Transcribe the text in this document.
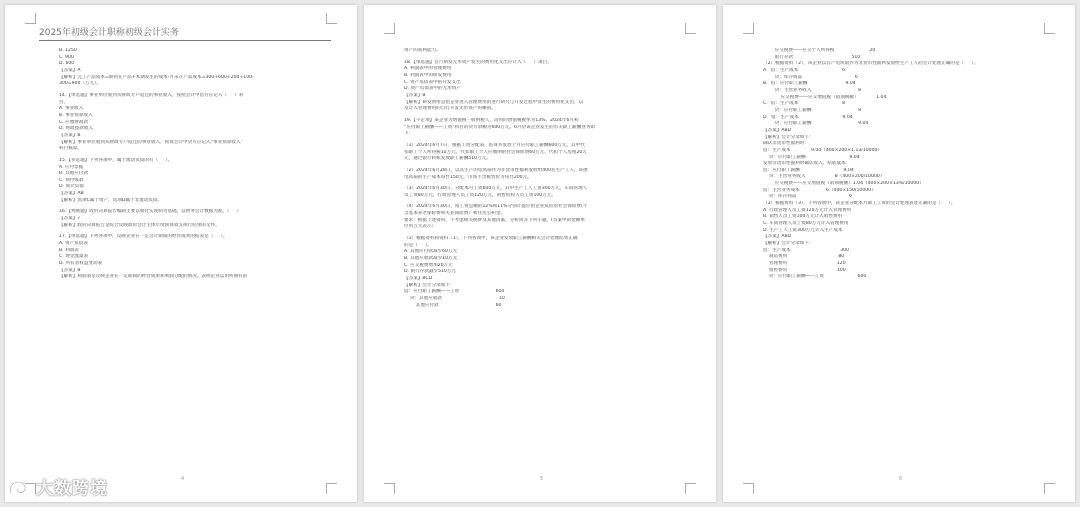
2025年初级会计职称初级会计实务
B. 1250
C. 900
D. 600
【答案】A
【解析】完工产品成本=期初在产品+本期发生的成本-月末在产品成本=300+600+200+100-
300=900（万元）。
14.【单选题】事业单位收到从财政专户返还的事业收入，按照会计中借方应记入（     ）科
目。
A. 事业收入
B. 事业预算收入
C. 应缴财政款
D. 财政拨款收入
【答案】B
【解析】事业单位收到从财政专户返还的事业收入，预算会计中贷方应记入“事业预算收入”
科目核算。
15.【多选题】下列各项中，属于流动负债的有（     ）。
A. 应付票据
B. 其他应付款
C. 预付账款
D. 预计负债
【答案】AB
【解析】选项C属于资产，选项D属于非流动负债。
16.【判断题】政府决算报告编制主要以收付实现制为基础，以财务会计数据为准。（     ）
【答案】√
【解析】政府决算报告是综合反映政府会计主体年度预算收支执行结果的文件。
17.【单选题】下列各项中，反映企业在一定会计期间的经营成果的报表是（     ）。
A. 资产负债表
B. 利润表
C. 现金流量表
D. 所有者权益变动表
【答案】B
【解析】利润表是反映企业在一定期间的经营成果和利润分配的情况。表明企业运用所拥有的
4
资产的获利能力。
18.【单选题】自行研发无形资产发生的费用化支出应计入（     ）项目。
A. 利润表中的管理费用
B. 利润表中的研发费用
C. 资产负债表中的开发支出
D. 资产负债表中的无形资产
【答案】B
【解析】研发费用是指企业进入管理费用的进行研究与开发过程中发生的费用化支出，以
及计入管理费用的自行开发无形资产的摊销。
19.【不定项】某企业为增值税一般纳税人，适用的增值税税率为13%。2024年6月初
“应付职工薪酬——工资”科目的贷方余额为600万元。6月份该企业发生的有关职工薪酬业务如
下：
（1）2024年6月7日，根据工资分配表，结算并发放上月应付职工薪酬600万元，其中代
扣职工个人所得税10万元，代扣职工个人应缴纳的社会保险费60万元，代扣个人房租20万
元，通过银行转账发放职工薪酬510万元。
（2）2024年6月28日，以其生产的电风扇作为非货币性福利发放给400名生产工人，该批
电风扇的生产成本每台150元，市场不含税售价为每台200元。
（3）2024年6月30日，分配本月工资600万元，其中生产工人工资300万元，车间管理人
员工资80万元，行政管理人员工资120万元，销售机构人员工资100万元。
（4）2024年6月30日，按工资总额的12%和11%分别计提应由企业负担的社会保险费(不
含基本养老保险费和失业保险费）和住房公积金。
要求：根据上述资料，不考虑相关税费及其他因素，分析回答下列小题。(答案中的金额单
位用万元表示）
（1）根据资料和资料（1），下列各项中，该企业发放职工薪酬相关会计处理结果正确
的是（     ）。
A. 其他应付款减少60万元
B. 其他应收款减少10万元
C. 应交税费增加20万元
D. 银行存款减少510万元
【答案】BCD
【解析】会计分录如下：
借：应付职工薪酬——工资                         600
贷：其他应收款                                       10
其他应付款                                       60
5
应交税费——应交个人所得税                        20
银行存款                                        510
（2）根据资料（2），该企业以自产电风扇作为非货币性福利发放给生产工人的会计处理正确的是（     ）。
A．借：生产成本                              6
贷：库存商品                                    6
B．借：应付职工薪酬                          9.04
贷：主营业务收入                                8
应交税费——应交增值税（销项税额）            1.04
C．借：生产成本                              8
贷：应付职工薪酬                                8
D．借：生产成本                              9.04
贷：应付职工薪酬                                9.04
【答案】ABD
【解析】会计分录如下：
确认非货币性福利时：
借：生产成本              9.04（400×200×1.13/10000）
贷：应付职工薪酬                              9.04
发放非货币性福利时确认收入、结转成本：
借：应付职工薪酬                              9.04
贷：主营业务收入                    8（400×200/10000）
应交税费——应交增值税（销项税额）1.04（400×200×13%/10000）
借：主营业务成本                  6（400×150/10000）
贷：库存商品                                    6
（3）根据资料（3），下列各项中，该企业分配本月职工工资的会计处理表述正确的是（     ）。
A. 行政管理人员工资120万元计入管理费用
B. 销售人员工资100万元计入销售费用
C. 车间管理人员工资80万元计入管理费用
D. 生产工人工资300万元计入生产成本
【答案】ABD
【解析】会计分录如下：
借：生产成本                                  300
制造费用                                   80
管理费用                                  120
销售费用                                  100
贷：应付职工薪酬——工资                       600
6
大数跨境
